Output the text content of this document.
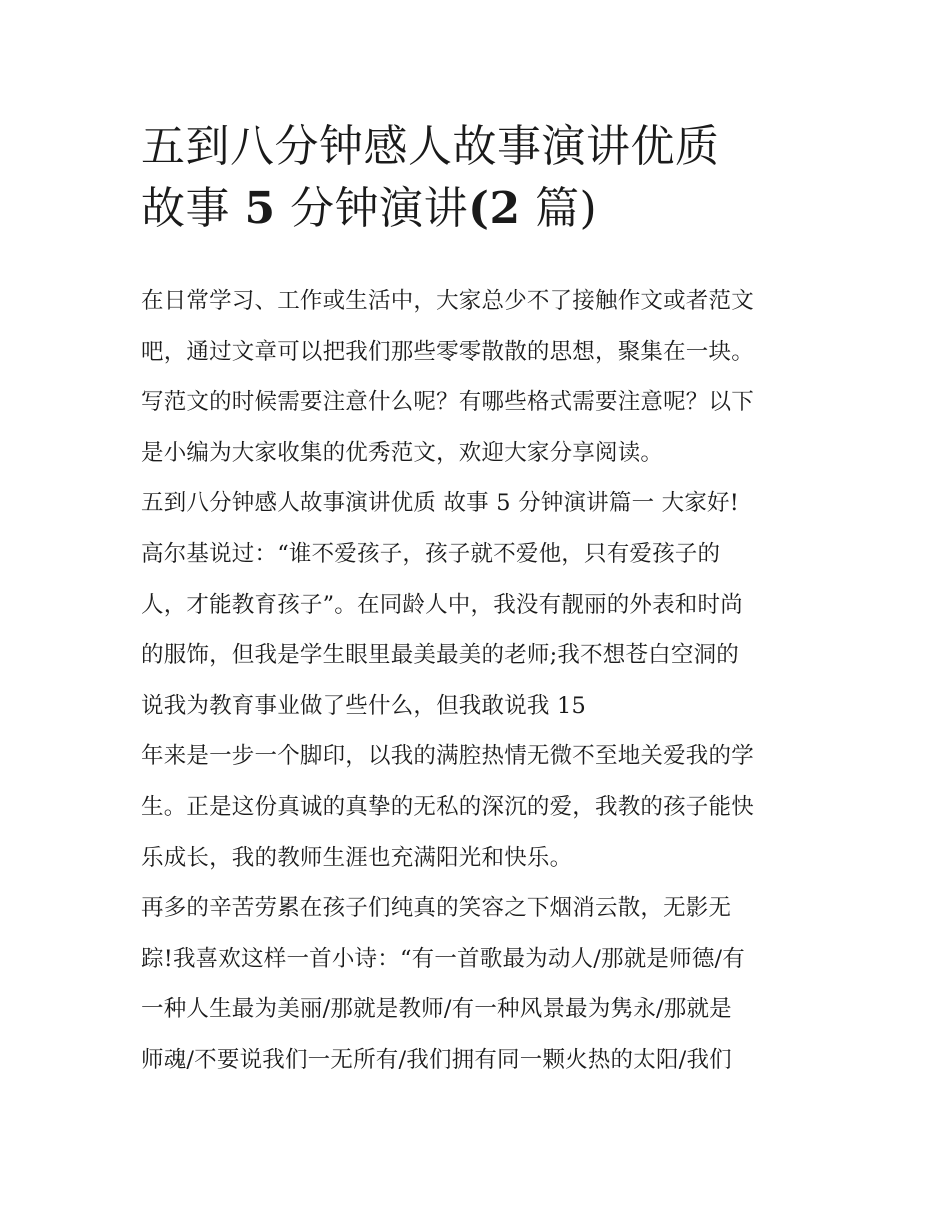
五到八分钟感人故事演讲优质
故事 5 分钟演讲(2 篇)
在日常学习、工作或生活中，大家总少不了接触作文或者范文
吧，通过文章可以把我们那些零零散散的思想，聚集在一块。
写范文的时候需要注意什么呢？有哪些格式需要注意呢？以下
是小编为大家收集的优秀范文，欢迎大家分享阅读。
五到八分钟感人故事演讲优质 故事 5 分钟演讲篇一 大家好!
高尔基说过：“谁不爱孩子，孩子就不爱他，只有爱孩子的
人，才能教育孩子”。在同龄人中，我没有靓丽的外表和时尚
的服饰，但我是学生眼里最美最美的老师;我不想苍白空洞的
说我为教育事业做了些什么，但我敢说我 15
年来是一步一个脚印，以我的满腔热情无微不至地关爱我的学
生。正是这份真诚的真挚的无私的深沉的爱，我教的孩子能快
乐成长，我的教师生涯也充满阳光和快乐。
再多的辛苦劳累在孩子们纯真的笑容之下烟消云散，无影无
踪!我喜欢这样一首小诗：“有一首歌最为动人/那就是师德/有
一种人生最为美丽/那就是教师/有一种风景最为隽永/那就是
师魂/不要说我们一无所有/我们拥有同一颗火热的太阳/我们
